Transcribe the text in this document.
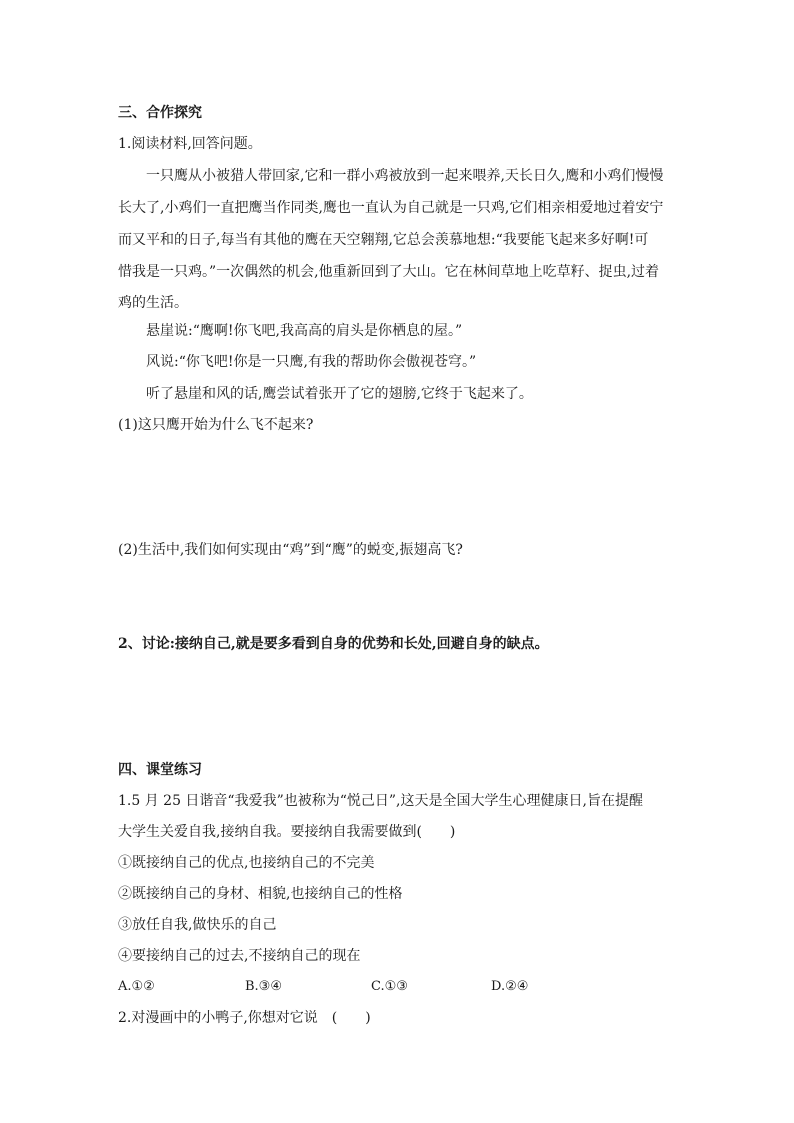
三、合作探究
1.阅读材料,回答问题。
一只鹰从小被猎人带回家,它和一群小鸡被放到一起来喂养,天长日久,鹰和小鸡们慢慢
长大了,小鸡们一直把鹰当作同类,鹰也一直认为自己就是一只鸡,它们相亲相爱地过着安宁
而又平和的日子,每当有其他的鹰在天空翱翔,它总会羡慕地想:“我要能飞起来多好啊!可
惜我是一只鸡。”一次偶然的机会,他重新回到了大山。它在林间草地上吃草籽、捉虫,过着
鸡的生活。
悬崖说:“鹰啊!你飞吧,我高高的肩头是你栖息的屋。”
风说:“你飞吧!你是一只鹰,有我的帮助你会傲视苍穹。”
听了悬崖和风的话,鹰尝试着张开了它的翅膀,它终于飞起来了。
(1)这只鹰开始为什么飞不起来?
(2)生活中,我们如何实现由“鸡”到“鹰”的蜕变,振翅高飞?
2、讨论:接纳自己,就是要多看到自身的优势和长处,回避自身的缺点。
四、课堂练习
1.5 月 25 日谐音“我爱我”也被称为“悦己日”,这天是全国大学生心理健康日,旨在提醒
大学生关爱自我,接纳自我。要接纳自我需要做到(　　)
①既接纳自己的优点,也接纳自己的不完美
②既接纳自己的身材、相貌,也接纳自己的性格
③放任自我,做快乐的自己
④要接纳自己的过去,不接纳自己的现在
A.①②	B.③④	C.①③	D.②④
2.对漫画中的小鸭子,你想对它说　(　　)
